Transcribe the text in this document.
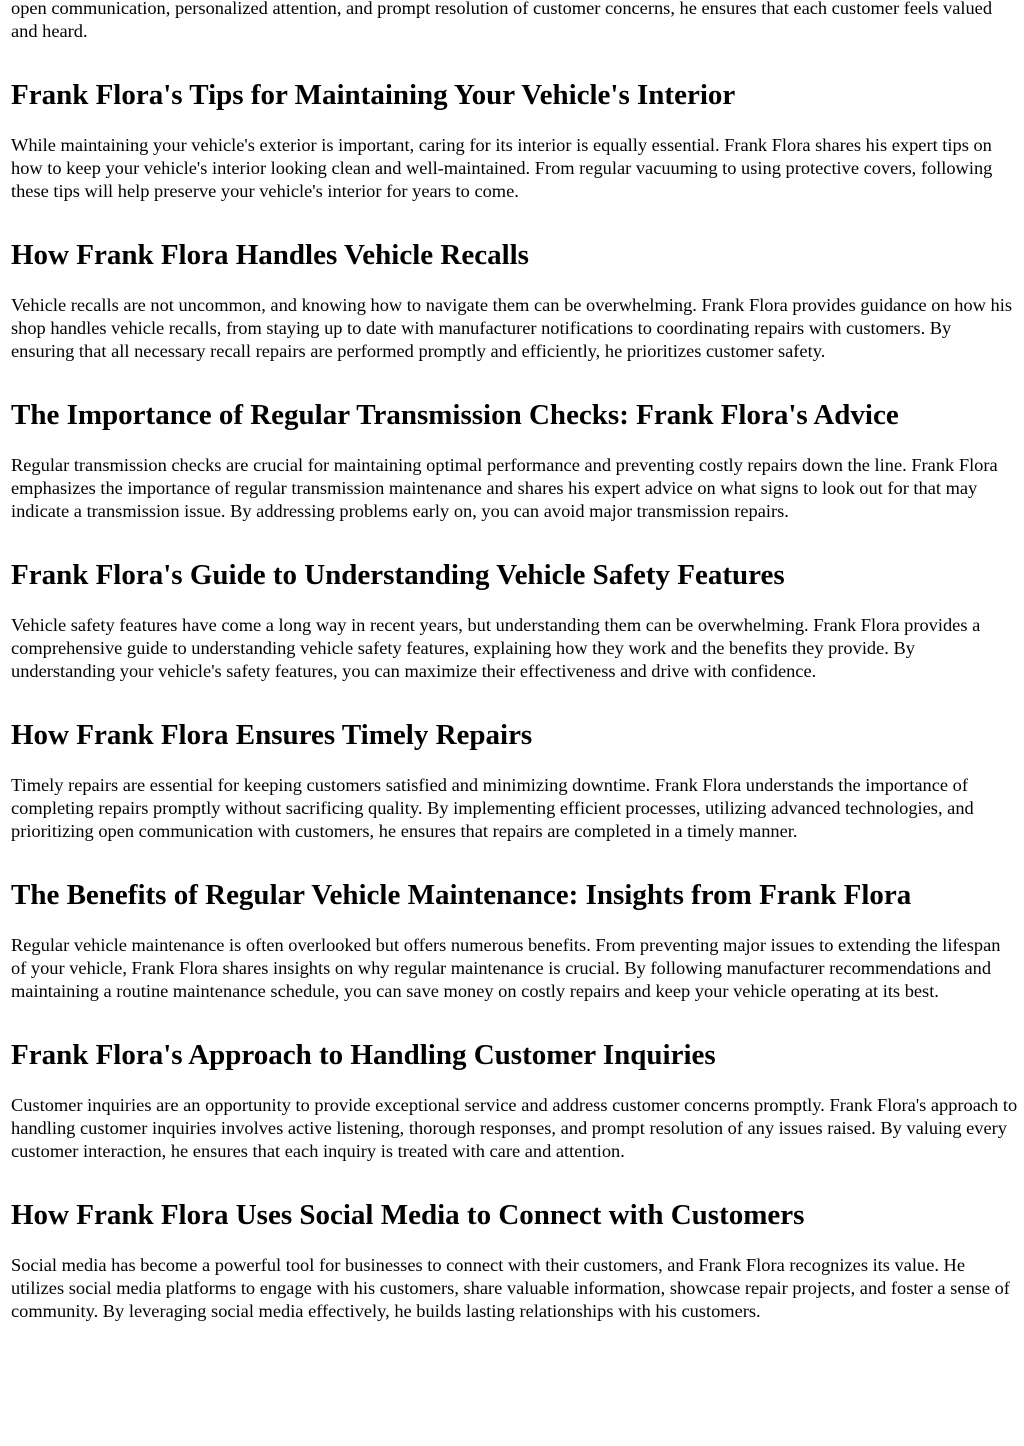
open communication, personalized attention, and prompt resolution of customer concerns, he ensures that each customer feels valued and heard.

Frank Flora's Tips for Maintaining Your Vehicle's Interior

While maintaining your vehicle's exterior is important, caring for its interior is equally essential. Frank Flora shares his expert tips on how to keep your vehicle's interior looking clean and well-maintained. From regular vacuuming to using protective covers, following these tips will help preserve your vehicle's interior for years to come.

How Frank Flora Handles Vehicle Recalls

Vehicle recalls are not uncommon, and knowing how to navigate them can be overwhelming. Frank Flora provides guidance on how his shop handles vehicle recalls, from staying up to date with manufacturer notifications to coordinating repairs with customers. By ensuring that all necessary recall repairs are performed promptly and efficiently, he prioritizes customer safety.

The Importance of Regular Transmission Checks: Frank Flora's Advice

Regular transmission checks are crucial for maintaining optimal performance and preventing costly repairs down the line. Frank Flora emphasizes the importance of regular transmission maintenance and shares his expert advice on what signs to look out for that may indicate a transmission issue. By addressing problems early on, you can avoid major transmission repairs.

Frank Flora's Guide to Understanding Vehicle Safety Features

Vehicle safety features have come a long way in recent years, but understanding them can be overwhelming. Frank Flora provides a comprehensive guide to understanding vehicle safety features, explaining how they work and the benefits they provide. By understanding your vehicle's safety features, you can maximize their effectiveness and drive with confidence.

How Frank Flora Ensures Timely Repairs

Timely repairs are essential for keeping customers satisfied and minimizing downtime. Frank Flora understands the importance of completing repairs promptly without sacrificing quality. By implementing efficient processes, utilizing advanced technologies, and prioritizing open communication with customers, he ensures that repairs are completed in a timely manner.

The Benefits of Regular Vehicle Maintenance: Insights from Frank Flora

Regular vehicle maintenance is often overlooked but offers numerous benefits. From preventing major issues to extending the lifespan of your vehicle, Frank Flora shares insights on why regular maintenance is crucial. By following manufacturer recommendations and maintaining a routine maintenance schedule, you can save money on costly repairs and keep your vehicle operating at its best.

Frank Flora's Approach to Handling Customer Inquiries

Customer inquiries are an opportunity to provide exceptional service and address customer concerns promptly. Frank Flora's approach to handling customer inquiries involves active listening, thorough responses, and prompt resolution of any issues raised. By valuing every customer interaction, he ensures that each inquiry is treated with care and attention.

How Frank Flora Uses Social Media to Connect with Customers

Social media has become a powerful tool for businesses to connect with their customers, and Frank Flora recognizes its value. He utilizes social media platforms to engage with his customers, share valuable information, showcase repair projects, and foster a sense of community. By leveraging social media effectively, he builds lasting relationships with his customers.
